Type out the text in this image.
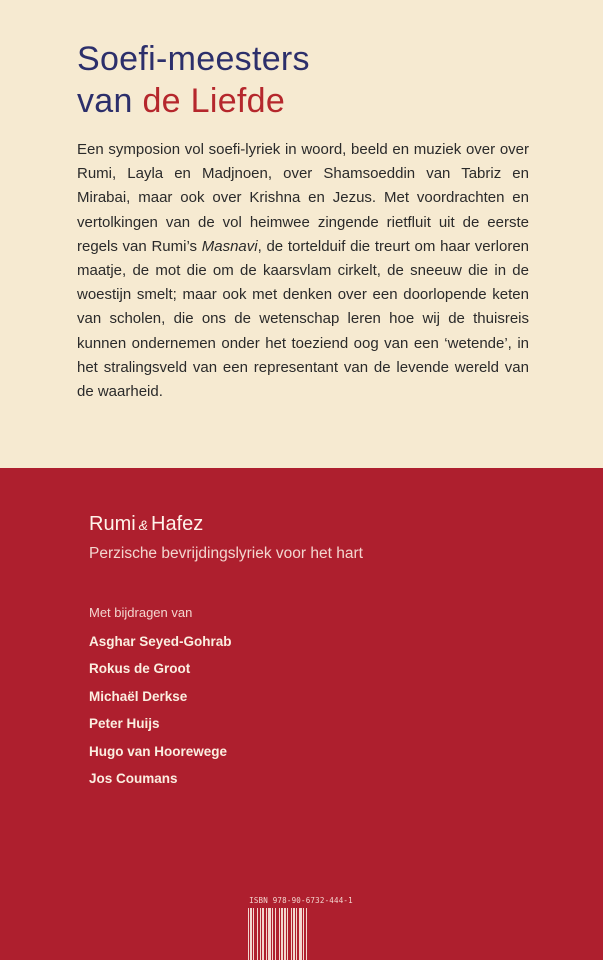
Soefi-meesters
van de Liefde

Een symposion vol soefi-lyriek in woord, beeld en muziek over over Rumi, Layla en Madjnoen, over Shamsoeddin van Tabriz en Mirabai, maar ook over Krishna en Jezus. Met voordrachten en vertolkingen van de vol heimwee zingende rietfluit uit de eerste regels van Rumi’s Masnavi, de tortelduif die treurt om haar verloren maatje, de mot die om de kaarsvlam cirkelt, de sneeuw die in de woestijn smelt; maar ook met denken over een doorlopende keten van scholen, die ons de wetenschap leren hoe wij de thuisreis kunnen ondernemen onder het toeziend oog van een ‘wetende’, in het stralingsveld van een representant van de levende wereld van de waarheid.

Rumi & Hafez
Perzische bevrijdingslyriek voor het hart
Met bijdragen van
Asghar Seyed-Gohrab
Rokus de Groot
Michaël Derkse
Peter Huijs
Hugo van Hoorewege
Jos Coumans
ISBN 978-90-6732-444-1
